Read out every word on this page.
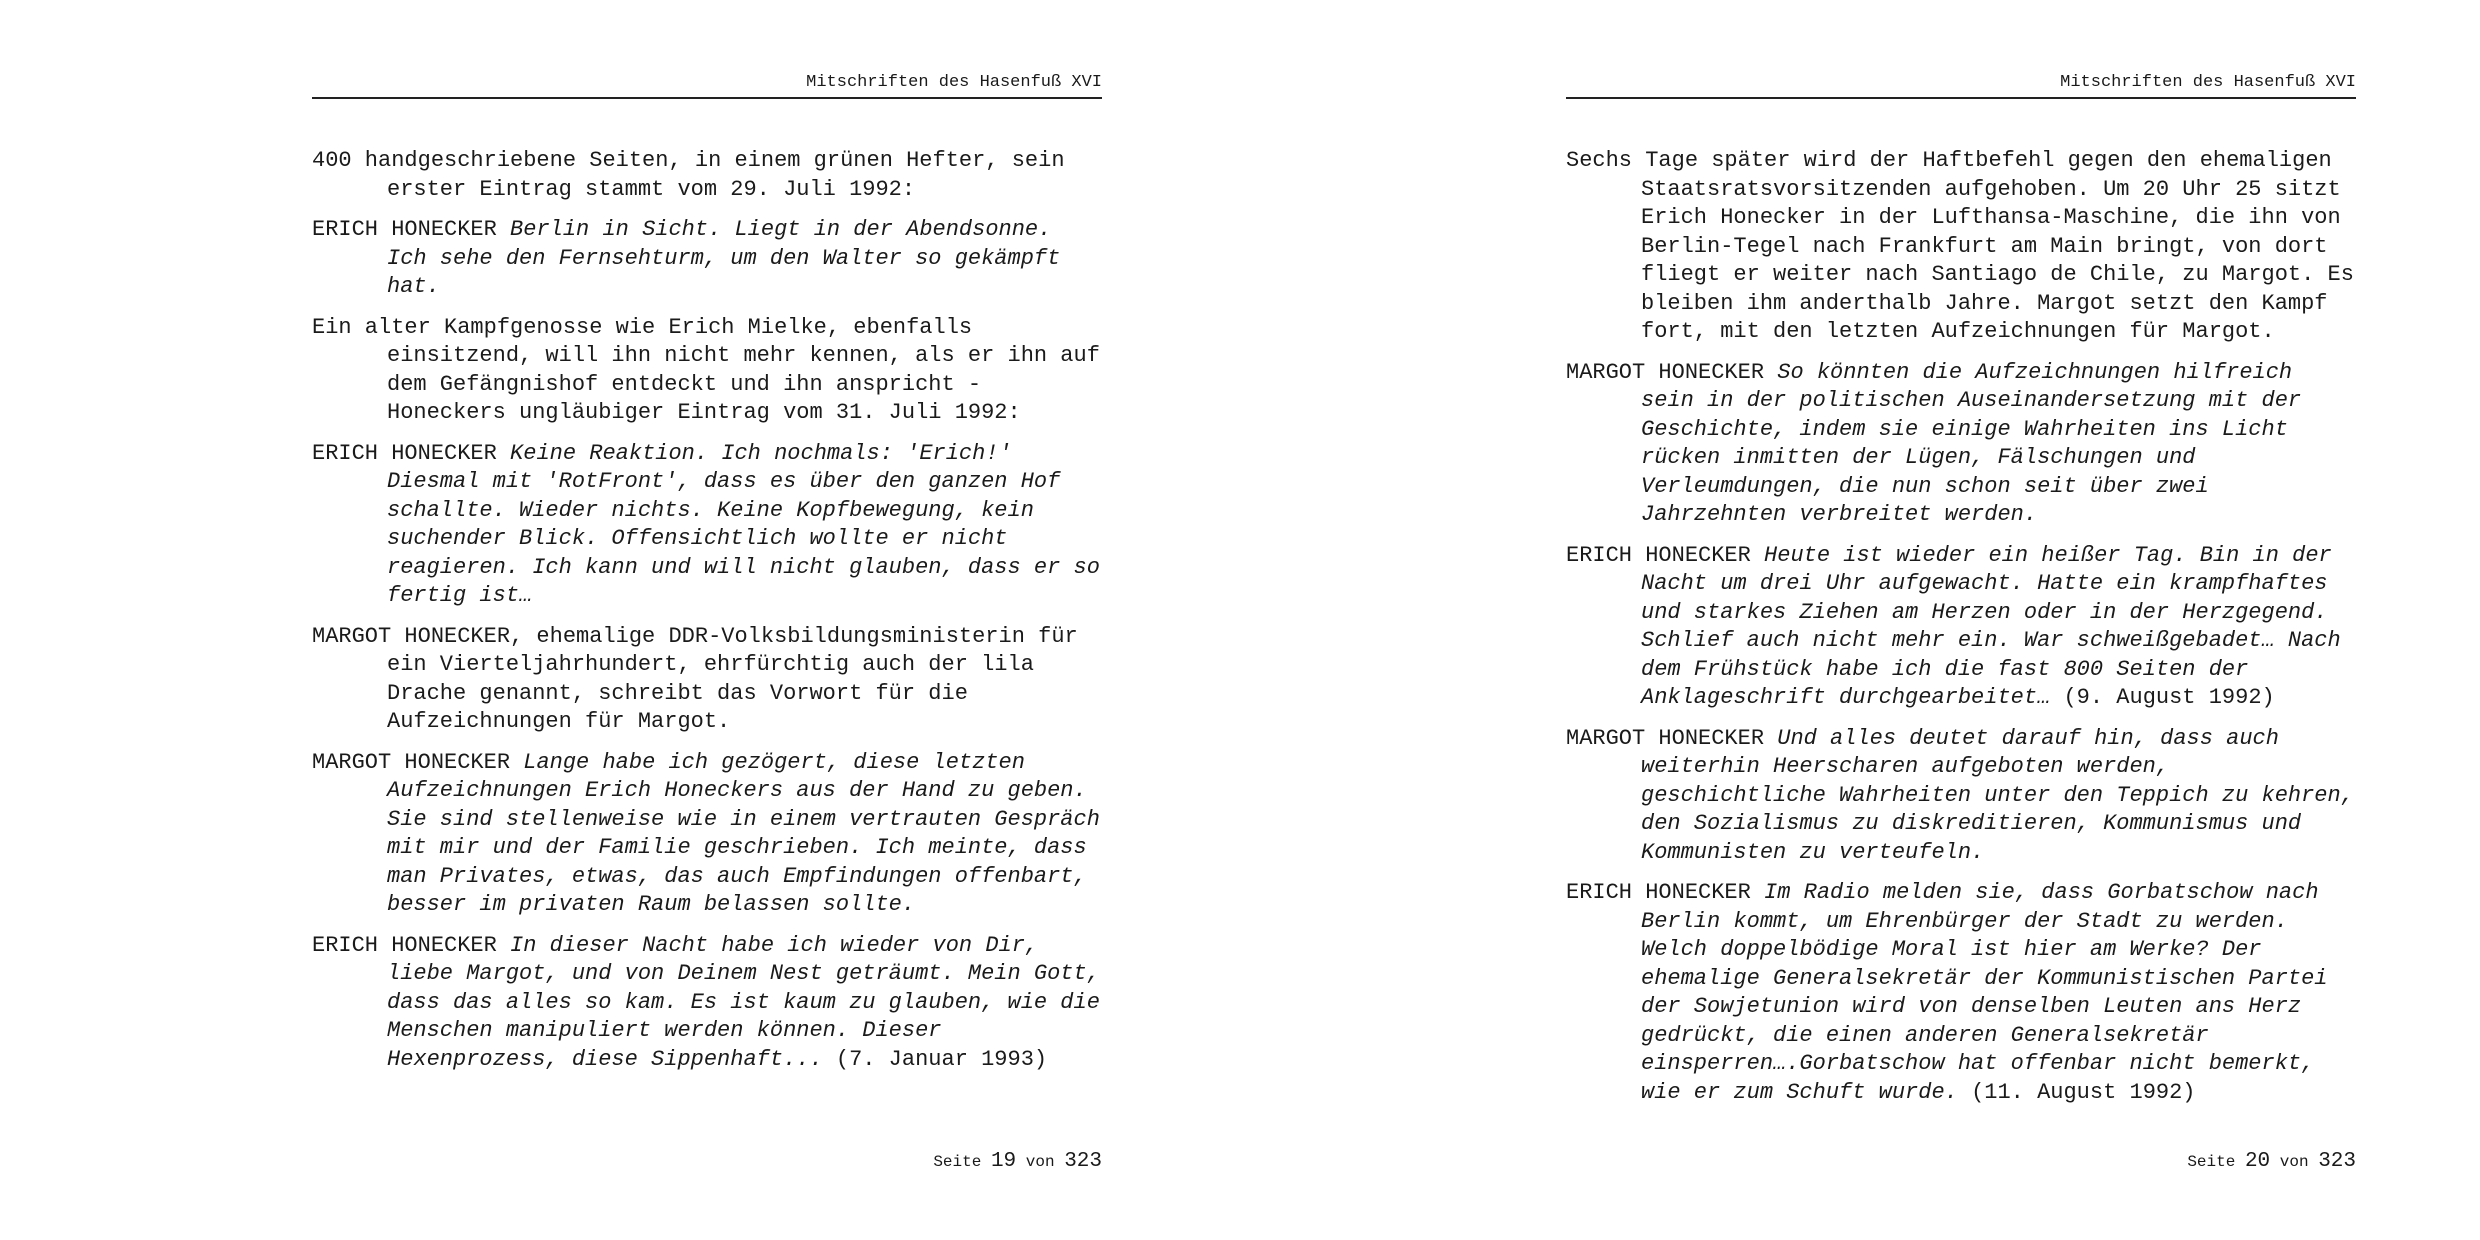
Mitschriften des Hasenfuß XVI

400 handgeschriebene Seiten, in einem grünen Hefter, sein erster Eintrag stammt vom 29. Juli 1992:

ERICH HONECKER Berlin in Sicht. Liegt in der Abendsonne. Ich sehe den Fernsehturm, um den Walter so gekämpft hat.

Ein alter Kampfgenosse wie Erich Mielke, ebenfalls einsitzend, will ihn nicht mehr kennen, als er ihn auf dem Gefängnishof entdeckt und ihn anspricht - Honeckers ungläubiger Eintrag vom 31. Juli 1992:

ERICH HONECKER Keine Reaktion. Ich nochmals: 'Erich!' Diesmal mit 'RotFront', dass es über den ganzen Hof schallte. Wieder nichts. Keine Kopfbewegung, kein suchender Blick. Offensichtlich wollte er nicht reagieren. Ich kann und will nicht glauben, dass er so fertig ist…

MARGOT HONECKER, ehemalige DDR-Volksbildungsministerin für ein Vierteljahrhundert, ehrfürchtig auch der lila Drache genannt, schreibt das Vorwort für die Aufzeichnungen für Margot.

MARGOT HONECKER Lange habe ich gezögert, diese letzten Aufzeichnungen Erich Honeckers aus der Hand zu geben. Sie sind stellenweise wie in einem vertrauten Gespräch mit mir und der Familie geschrieben. Ich meinte, dass man Privates, etwas, das auch Empfindungen offenbart, besser im privaten Raum belassen sollte.

ERICH HONECKER In dieser Nacht habe ich wieder von Dir, liebe Margot, und von Deinem Nest geträumt. Mein Gott, dass das alles so kam. Es ist kaum zu glauben, wie die Menschen manipuliert werden können. Dieser Hexenprozess, diese Sippenhaft... (7. Januar 1993)

Seite 19 von 323
Mitschriften des Hasenfuß XVI

Sechs Tage später wird der Haftbefehl gegen den ehemaligen Staatsratsvorsitzenden aufgehoben. Um 20 Uhr 25 sitzt Erich Honecker in der Lufthansa-Maschine, die ihn von Berlin-Tegel nach Frankfurt am Main bringt, von dort fliegt er weiter nach Santiago de Chile, zu Margot. Es bleiben ihm anderthalb Jahre. Margot setzt den Kampf fort, mit den letzten Aufzeichnungen für Margot.

MARGOT HONECKER So könnten die Aufzeichnungen hilfreich sein in der politischen Auseinandersetzung mit der Geschichte, indem sie einige Wahrheiten ins Licht rücken inmitten der Lügen, Fälschungen und Verleumdungen, die nun schon seit über zwei Jahrzehnten verbreitet werden.

ERICH HONECKER Heute ist wieder ein heißer Tag. Bin in der Nacht um drei Uhr aufgewacht. Hatte ein krampfhaftes und starkes Ziehen am Herzen oder in der Herzgegend. Schlief auch nicht mehr ein. War schweißgebadet… Nach dem Frühstück habe ich die fast 800 Seiten der Anklageschrift durchgearbeitet… (9. August 1992)

MARGOT HONECKER Und alles deutet darauf hin, dass auch weiterhin Heerscharen aufgeboten werden, geschichtliche Wahrheiten unter den Teppich zu kehren, den Sozialismus zu diskreditieren, Kommunismus und Kommunisten zu verteufeln.

ERICH HONECKER Im Radio melden sie, dass Gorbatschow nach Berlin kommt, um Ehrenbürger der Stadt zu werden. Welch doppelbödige Moral ist hier am Werke? Der ehemalige Generalsekretär der Kommunistischen Partei der Sowjetunion wird von denselben Leuten ans Herz gedrückt, die einen anderen Generalsekretär einsperren….Gorbatschow hat offenbar nicht bemerkt, wie er zum Schuft wurde. (11. August 1992)

Seite 20 von 323
